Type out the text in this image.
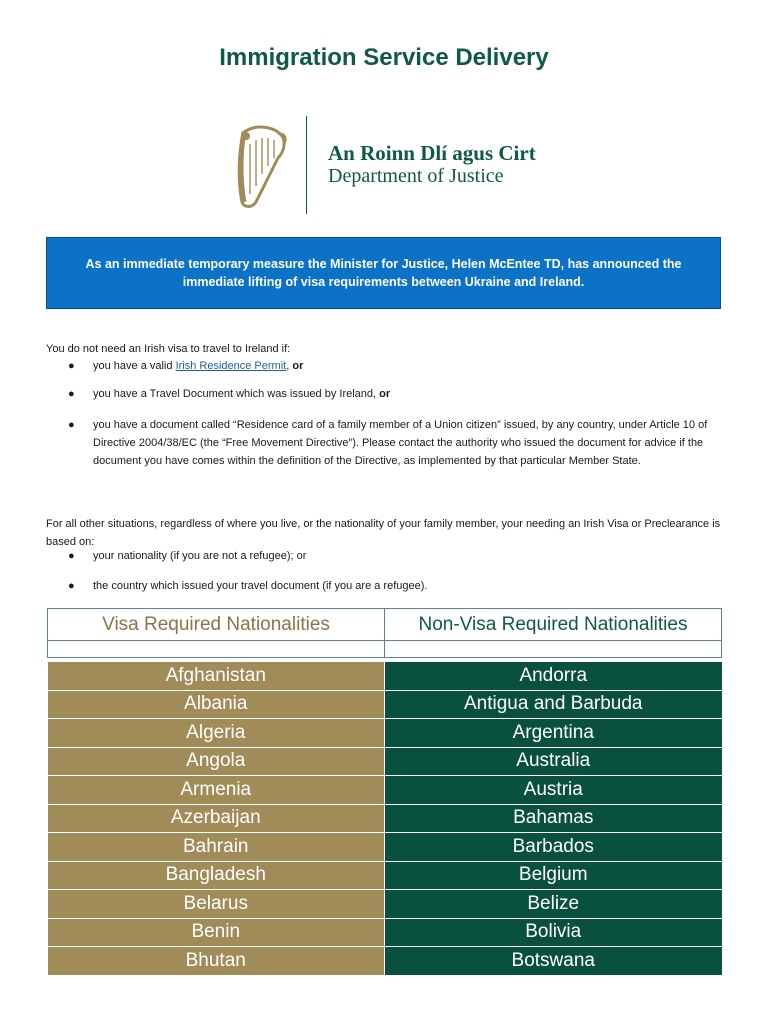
Immigration Service Delivery
An Roinn Dlí agus Cirt
Department of Justice
As an immediate temporary measure the Minister for Justice, Helen McEntee TD, has announced the immediate lifting of visa requirements between Ukraine and Ireland.
You do not need an Irish visa to travel to Ireland if:
● you have a valid Irish Residence Permit, or
● you have a Travel Document which was issued by Ireland, or
● you have a document called “Residence card of a family member of a Union citizen” issued, by any country, under Article 10 of Directive 2004/38/EC (the “Free Movement Directive”). Please contact the authority who issued the document for advice if the document you have comes within the definition of the Directive, as implemented by that particular Member State.
For all other situations, regardless of where you live, or the nationality of your family member, your needing an Irish Visa or Preclearance is based on:
● your nationality (if you are not a refugee); or
● the country which issued your travel document (if you are a refugee).
Visa Required Nationalities	Non-Visa Required Nationalities

Afghanistan	Andorra
Albania	Antigua and Barbuda
Algeria	Argentina
Angola	Australia
Armenia	Austria
Azerbaijan	Bahamas
Bahrain	Barbados
Bangladesh	Belgium
Belarus	Belize
Benin	Bolivia
Bhutan	Botswana
